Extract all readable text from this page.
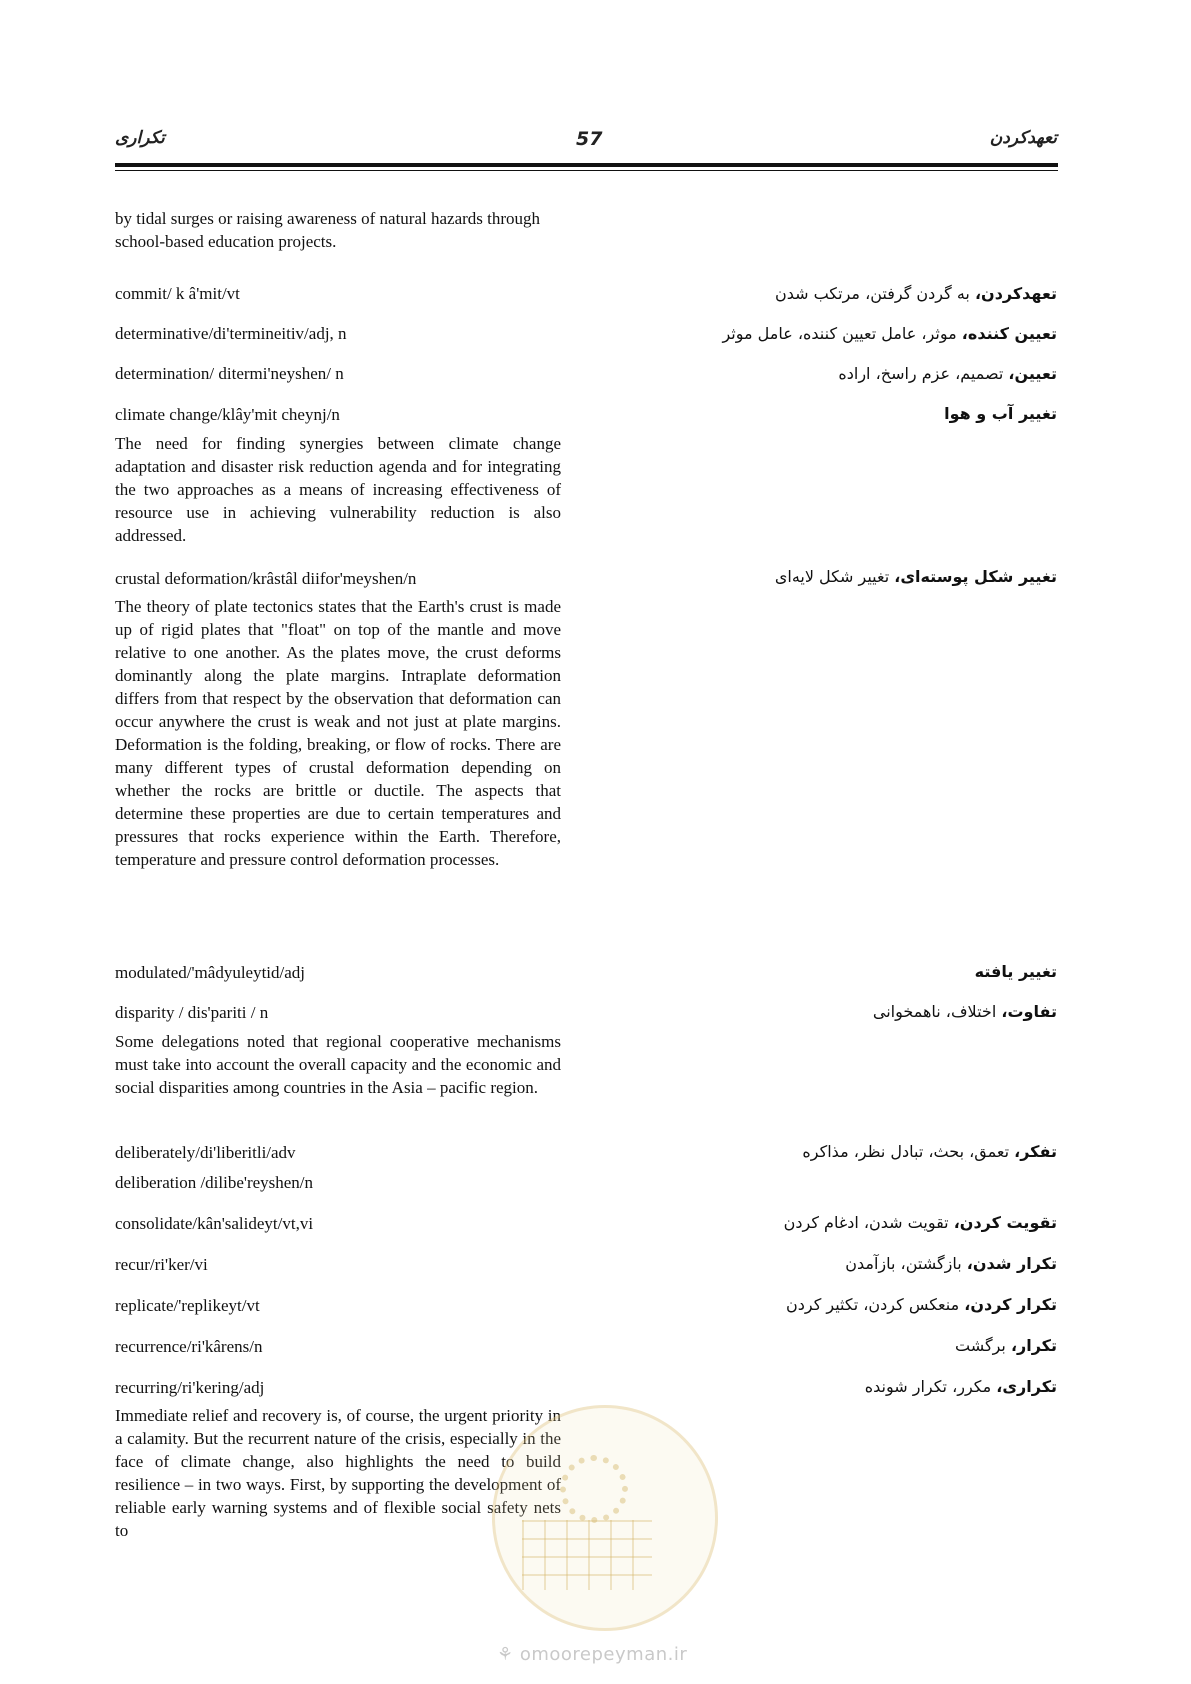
تکراری	57	تعهدکردن
by tidal surges or raising awareness of natural hazards through school-based education projects.
commit/ k â'mit/vt	تعهدکردن، به گردن گرفتن، مرتکب شدن
determinative/di'termineitiv/adj, n	تعیین کننده، موثر، عامل تعیین کننده، عامل موثر
determination/ ditermi'neyshen/ n	تعیین، تصمیم، عزم راسخ، اراده
climate change/klây'mit cheynj/n	تغییر آب و هوا
The need for finding synergies between climate change adaptation and disaster risk reduction agenda and for integrating the two approaches as a means of increasing effectiveness of resource use in achieving vulnerability reduction is also addressed.
crustal deformation/krâstâl diifor'meyshen/n	تغییر شکل پوسته‌ای، تغییر شکل لایه‌ای
The theory of plate tectonics states that the Earth's crust is made up of rigid plates that "float" on top of the mantle and move relative to one another. As the plates move, the crust deforms dominantly along the plate margins. Intraplate deformation differs from that respect by the observation that deformation can occur anywhere the crust is weak and not just at plate margins. Deformation is the folding, breaking, or flow of rocks. There are many different types of crustal deformation depending on whether the rocks are brittle or ductile. The aspects that determine these properties are due to certain temperatures and pressures that rocks experience within the Earth. Therefore, temperature and pressure control deformation processes.
modulated/'mâdyuleytid/adj	تغییر یافته
disparity / dis'pariti / n	تفاوت، اختلاف، ناهمخوانی
Some delegations noted that regional cooperative mechanisms must take into account the overall capacity and the economic and social disparities among countries in the Asia – pacific region.
deliberately/di'liberitli/adv	تفکر، تعمق، بحث، تبادل نظر، مذاکره
deliberation /dilibe'reyshen/n
consolidate/kân'salideyt/vt,vi	تقویت کردن، تقویت شدن، ادغام کردن
recur/ri'ker/vi	تکرار شدن، بازگشتن، بازآمدن
replicate/'replikeyt/vt	تکرار کردن، منعکس کردن، تکثیر کردن
recurrence/ri'kârens/n	تکرار، برگشت
recurring/ri'kering/adj	تکراری، مکرر، تکرار شونده
Immediate relief and recovery is, of course, the urgent priority in a calamity. But the recurrent nature of the crisis, especially in the face of climate change, also highlights the need to build resilience – in two ways. First, by supporting the development of reliable early warning systems and of flexible social safety nets to
⚘ omoorepeyman.ir
